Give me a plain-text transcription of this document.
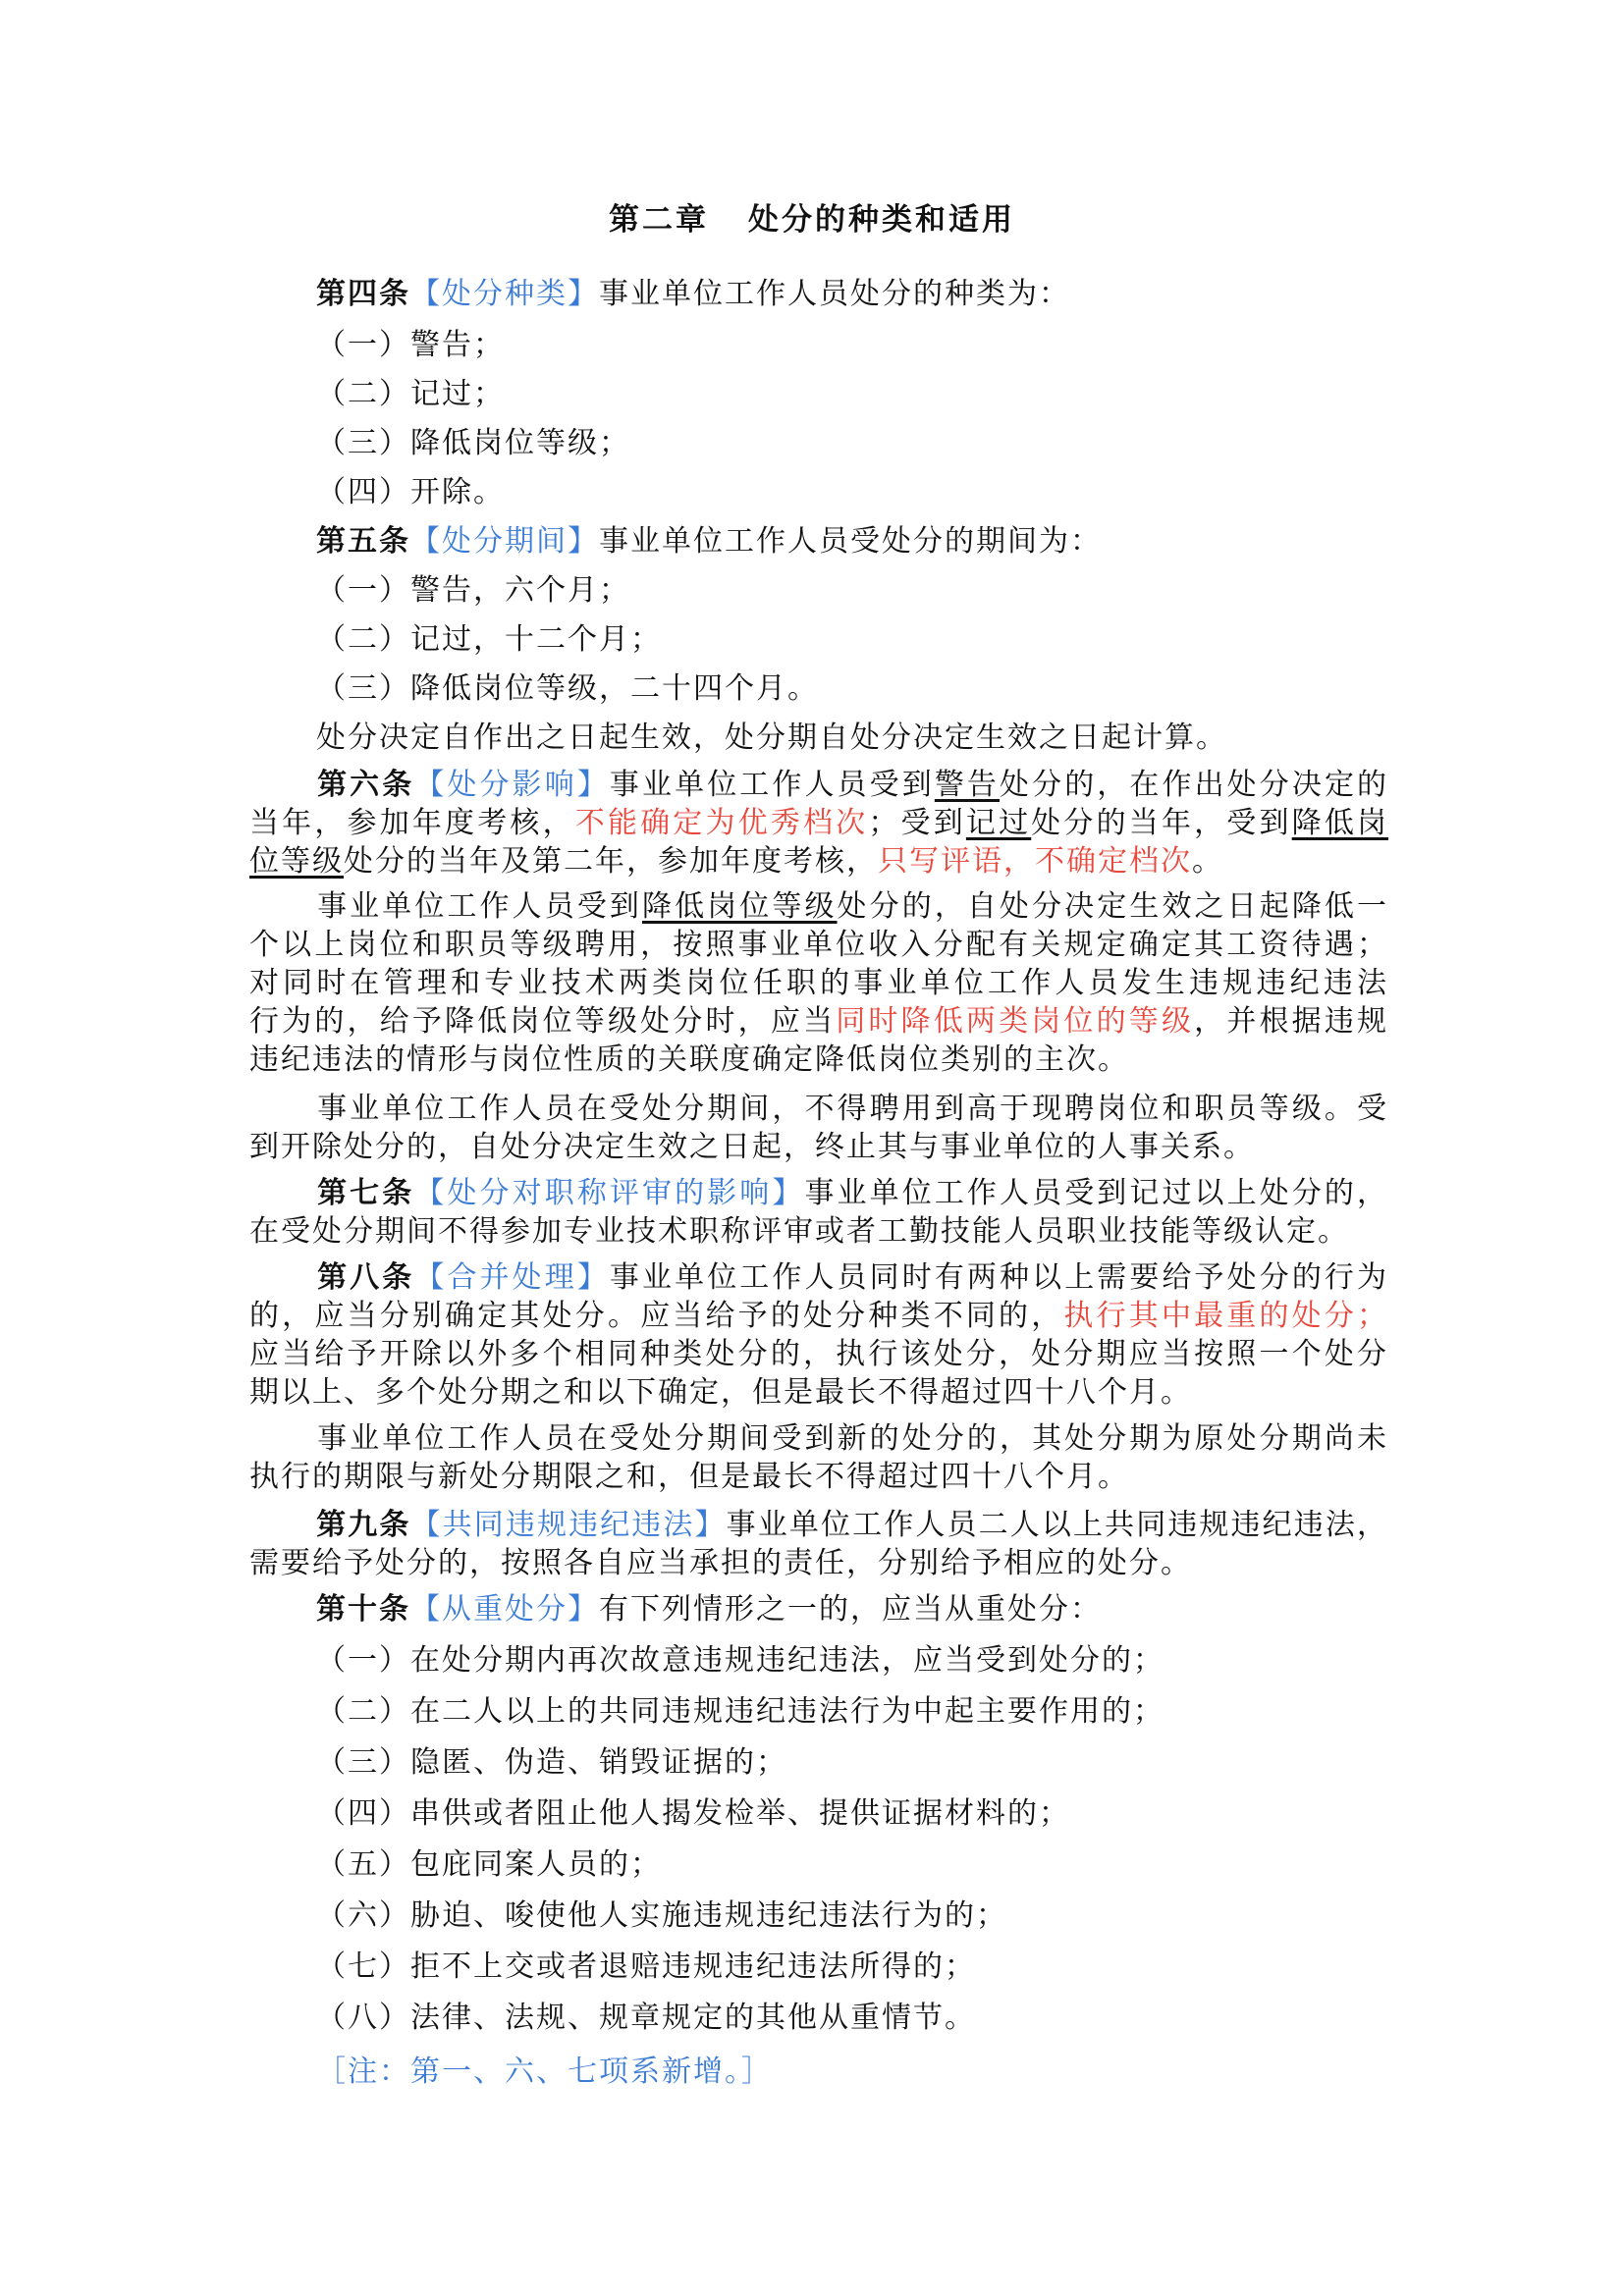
第二章 处分的种类和适用
第四条【处分种类】事业单位工作人员处分的种类为：
（一）警告；
（二）记过；
（三）降低岗位等级；
（四）开除。
第五条【处分期间】事业单位工作人员受处分的期间为：
（一）警告，六个月；
（二）记过，十二个月；
（三）降低岗位等级，二十四个月。
处分决定自作出之日起生效，处分期自处分决定生效之日起计算。
第六条【处分影响】事业单位工作人员受到警告处分的，在作出处分决定的
当年，参加年度考核，不能确定为优秀档次；受到记过处分的当年，受到降低岗
位等级处分的当年及第二年，参加年度考核，只写评语，不确定档次。
事业单位工作人员受到降低岗位等级处分的，自处分决定生效之日起降低一
个以上岗位和职员等级聘用，按照事业单位收入分配有关规定确定其工资待遇；
对同时在管理和专业技术两类岗位任职的事业单位工作人员发生违规违纪违法
行为的，给予降低岗位等级处分时，应当同时降低两类岗位的等级，并根据违规
违纪违法的情形与岗位性质的关联度确定降低岗位类别的主次。
事业单位工作人员在受处分期间，不得聘用到高于现聘岗位和职员等级。受
到开除处分的，自处分决定生效之日起，终止其与事业单位的人事关系。
第七条【处分对职称评审的影响】事业单位工作人员受到记过以上处分的，
在受处分期间不得参加专业技术职称评审或者工勤技能人员职业技能等级认定。
第八条【合并处理】事业单位工作人员同时有两种以上需要给予处分的行为
的，应当分别确定其处分。应当给予的处分种类不同的，执行其中最重的处分；
应当给予开除以外多个相同种类处分的，执行该处分，处分期应当按照一个处分
期以上、多个处分期之和以下确定，但是最长不得超过四十八个月。
事业单位工作人员在受处分期间受到新的处分的，其处分期为原处分期尚未
执行的期限与新处分期限之和，但是最长不得超过四十八个月。
第九条【共同违规违纪违法】事业单位工作人员二人以上共同违规违纪违法，
需要给予处分的，按照各自应当承担的责任，分别给予相应的处分。
第十条【从重处分】有下列情形之一的，应当从重处分：
（一）在处分期内再次故意违规违纪违法，应当受到处分的；
（二）在二人以上的共同违规违纪违法行为中起主要作用的；
（三）隐匿、伪造、销毁证据的；
（四）串供或者阻止他人揭发检举、提供证据材料的；
（五）包庇同案人员的；
（六）胁迫、唆使他人实施违规违纪违法行为的；
（七）拒不上交或者退赔违规违纪违法所得的；
（八）法律、法规、规章规定的其他从重情节。
［注：第一、六、七项系新增。］
